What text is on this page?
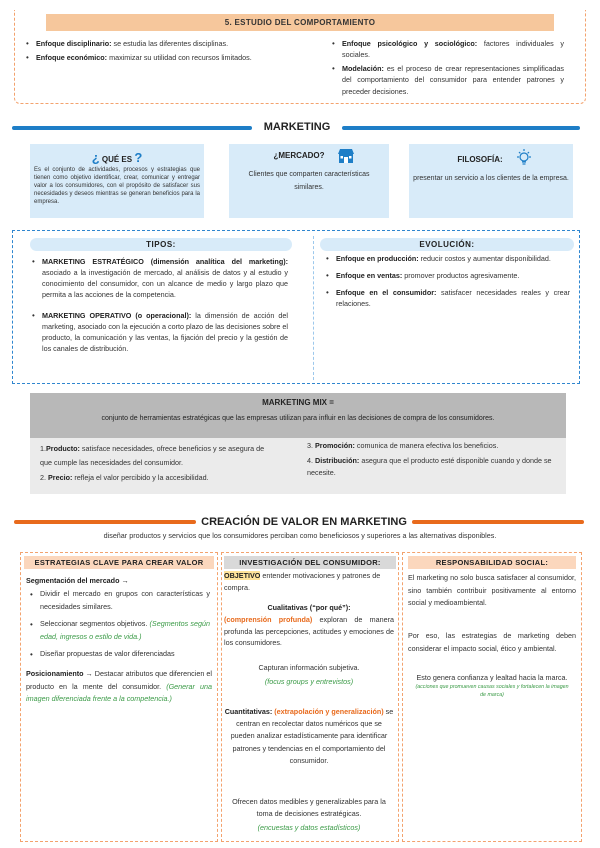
5. ESTUDIO DEL COMPORTAMIENTO
• Enfoque disciplinario: se estudia las diferentes disciplinas.
• Enfoque económico: maximizar su utilidad con recursos limitados.
• Enfoque psicológico y sociológico: factores individuales y sociales.
• Modelación: es el proceso de crear representaciones simplificadas del comportamiento del consumidor para entender patrones y preceder decisiones.
MARKETING
¿ QUÉ ES ?
Es el conjunto de actividades, procesos y estrategias que tienen como objetivo identificar, crear, comunicar y entregar valor a los consumidores, con el propósito de satisfacer sus necesidades y deseos mientras se generan beneficios para la empresa.
¿MERCADO?
Clientes que comparten características similares.
FILOSOFÍA:
presentar un servicio a los clientes de la empresa.
TIPOS:
• MARKETING ESTRATÉGICO (dimensión analítica del marketing): asociado a la investigación de mercado, al análisis de datos y al estudio y conocimiento del consumidor, con un alcance de medio y largo plazo que permita a las acciones de la competencia.
• MARKETING OPERATIVO (o operacional): la dimensión de acción del marketing, asociado con la ejecución a corto plazo de las decisiones sobre el producto, la comunicación y las ventas, la fijación del precio y la gestión de los canales de distribución.
EVOLUCIÓN:
• Enfoque en producción: reducir costos y aumentar disponibilidad.
• Enfoque en ventas: promover productos agresivamente.
• Enfoque en el consumidor: satisfacer necesidades reales y crear relaciones.
MARKETING MIX =
conjunto de herramientas estratégicas que las empresas utilizan para influir en las decisiones de compra de los consumidores.
1.Producto: satisface necesidades, ofrece beneficios y se asegura de que cumple las necesidades del consumidor.
2. Precio: refleja el valor percibido y la accesibilidad.
3. Promoción: comunica de manera efectiva los beneficios.
4. Distribución: asegura que el producto esté disponible cuando y donde se necesite.
CREACIÓN DE VALOR EN MARKETING
diseñar productos y servicios que los consumidores perciban como beneficiosos y superiores a las alternativas disponibles.
ESTRATEGIAS CLAVE PARA CREAR VALOR
Segmentación del mercado →
• Dividir el mercado en grupos con características y necesidades similares.
• Seleccionar segmentos objetivos. (Segmentos según edad, ingresos o estilo de vida.)
• Diseñar propuestas de valor diferenciadas
Posicionamiento → Destacar atributos que diferencien el producto en la mente del consumidor. (Generar una imagen diferenciada frente a la competencia.)
INVESTIGACIÓN DEL CONSUMIDOR:
OBJETIVO entender motivaciones y patrones de compra.
Cualitativas (“por qué”):
(comprensión profunda) exploran de manera profunda las percepciones, actitudes y emociones de los consumidores.
Capturan información subjetiva.
(focus groups y entrevistos)
Cuantitativas: (extrapolación y generalización) se centran en recolectar datos numéricos que se pueden analizar estadísticamente para identificar patrones y tendencias en el comportamiento del consumidor.
Ofrecen datos medibles y generalizables para la toma de decisiones estratégicas.
(encuestas y datos estadísticos)
RESPONSABILIDAD SOCIAL:
El marketing no solo busca satisfacer al consumidor, sino también contribuir positivamente al entorno social y medioambiental.
Por eso, las estrategias de marketing deben considerar el impacto social, ético y ambiental.
Esto genera confianza y lealtad hacia la marca.
(acciones que promueven causas sociales y fortalecen la imagen de marca)
